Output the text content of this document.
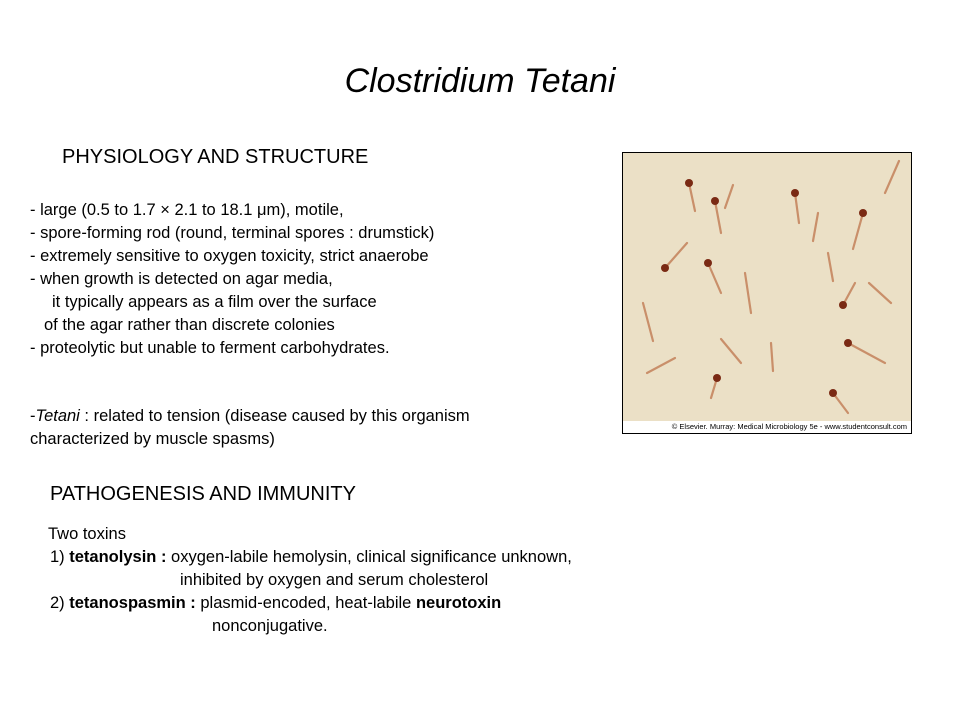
Clostridium Tetani
PHYSIOLOGY AND STRUCTURE
- large (0.5 to 1.7 × 2.1 to 18.1 μm), motile,
- spore-forming rod (round, terminal spores : drumstick)
- extremely sensitive to oxygen toxicity, strict anaerobe
- when growth is detected on agar media,
it typically appears as a film over the surface
of the agar rather than discrete colonies
- proteolytic but unable to ferment carbohydrates.
-Tetani : related to tension (disease caused by this organism
characterized by muscle spasms)
© Elsevier. Murray: Medical Microbiology 5e - www.studentconsult.com
PATHOGENESIS AND IMMUNITY
Two toxins
1) tetanolysin : oxygen-labile hemolysin, clinical significance unknown,
inhibited by oxygen and serum cholesterol
2) tetanospasmin : plasmid-encoded, heat-labile neurotoxin
nonconjugative.
